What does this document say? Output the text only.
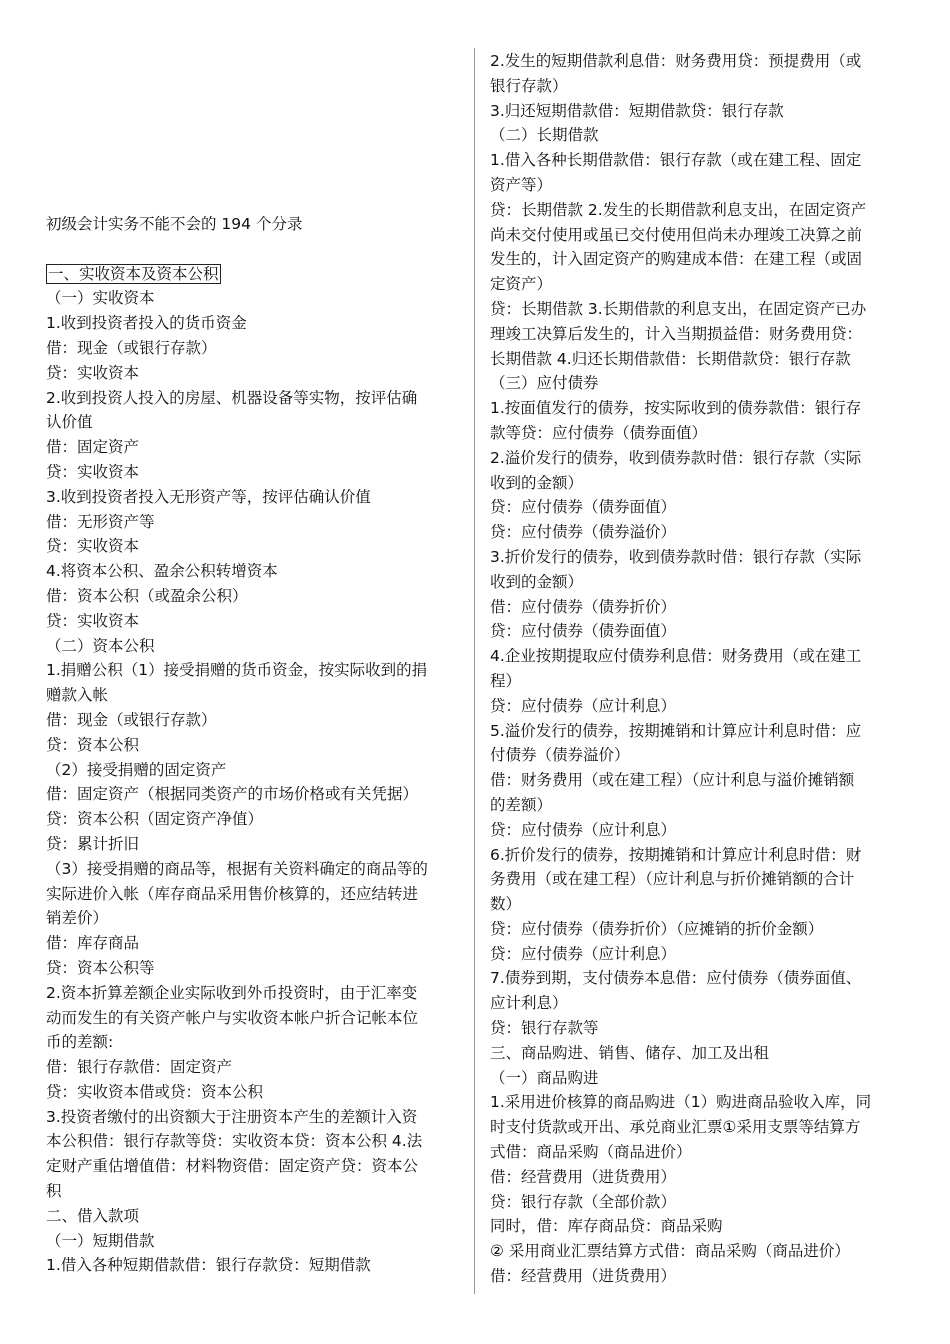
初级会计实务不能不会的 194 个分录
一、实收资本及资本公积
（一）实收资本
1.收到投资者投入的货币资金
借：现金（或银行存款）
贷：实收资本
2.收到投资人投入的房屋、机器设备等实物，按评估确
认价值
借：固定资产
贷：实收资本
3.收到投资者投入无形资产等，按评估确认价值
借：无形资产等
贷：实收资本
4.将资本公积、盈余公积转增资本
借：资本公积（或盈余公积）
贷：实收资本
（二）资本公积
1.捐赠公积（1）接受捐赠的货币资金，按实际收到的捐
赠款入帐
借：现金（或银行存款）
贷：资本公积
（2）接受捐赠的固定资产
借：固定资产（根据同类资产的市场价格或有关凭据）
贷：资本公积（固定资产净值）
贷：累计折旧
（3）接受捐赠的商品等，根据有关资料确定的商品等的
实际进价入帐（库存商品采用售价核算的，还应结转进
销差价）
借：库存商品
贷：资本公积等
2.资本折算差额企业实际收到外币投资时，由于汇率变
动而发生的有关资产帐户与实收资本帐户折合记帐本位
币的差额:
借：银行存款借：固定资产
贷：实收资本借或贷：资本公积
3.投资者缴付的出资额大于注册资本产生的差额计入资
本公积借：银行存款等贷：实收资本贷：资本公积 4.法
定财产重估增值借：材料物资借：固定资产贷：资本公
积
二、借入款项
（一）短期借款
1.借入各种短期借款借：银行存款贷：短期借款
2.发生的短期借款利息借：财务费用贷：预提费用（或
银行存款）
3.归还短期借款借：短期借款贷：银行存款
（二）长期借款
1.借入各种长期借款借：银行存款（或在建工程、固定
资产等）
贷：长期借款 2.发生的长期借款利息支出，在固定资产
尚未交付使用或虽已交付使用但尚未办理竣工决算之前
发生的，计入固定资产的购建成本借：在建工程（或固
定资产）
贷：长期借款 3.长期借款的利息支出，在固定资产已办
理竣工决算后发生的，计入当期损益借：财务费用贷：
长期借款 4.归还长期借款借：长期借款贷：银行存款
（三）应付债券
1.按面值发行的债券，按实际收到的债券款借：银行存
款等贷：应付债券（债券面值）
2.溢价发行的债券，收到债券款时借：银行存款（实际
收到的金额）
贷：应付债券（债券面值）
贷：应付债券（债券溢价）
3.折价发行的债券，收到债券款时借：银行存款（实际
收到的金额）
借：应付债券（债券折价）
贷：应付债券（债券面值）
4.企业按期提取应付债券利息借：财务费用（或在建工
程）
贷：应付债券（应计利息）
5.溢价发行的债券，按期摊销和计算应计利息时借：应
付债券（债券溢价）
借：财务费用（或在建工程）（应计利息与溢价摊销额
的差额）
贷：应付债券（应计利息）
6.折价发行的债券，按期摊销和计算应计利息时借：财
务费用（或在建工程）（应计利息与折价摊销额的合计
数）
贷：应付债券（债券折价）（应摊销的折价金额）
贷：应付债券（应计利息）
7.债券到期，支付债券本息借：应付债券（债券面值、
应计利息）
贷：银行存款等
三、商品购进、销售、储存、加工及出租
（一）商品购进
1.采用进价核算的商品购进（1）购进商品验收入库，同
时支付货款或开出、承兑商业汇票①采用支票等结算方
式借：商品采购（商品进价）
借：经营费用（进货费用）
贷：银行存款（全部价款）
同时，借：库存商品贷：商品采购
② 采用商业汇票结算方式借：商品采购（商品进价）
借：经营费用（进货费用）
